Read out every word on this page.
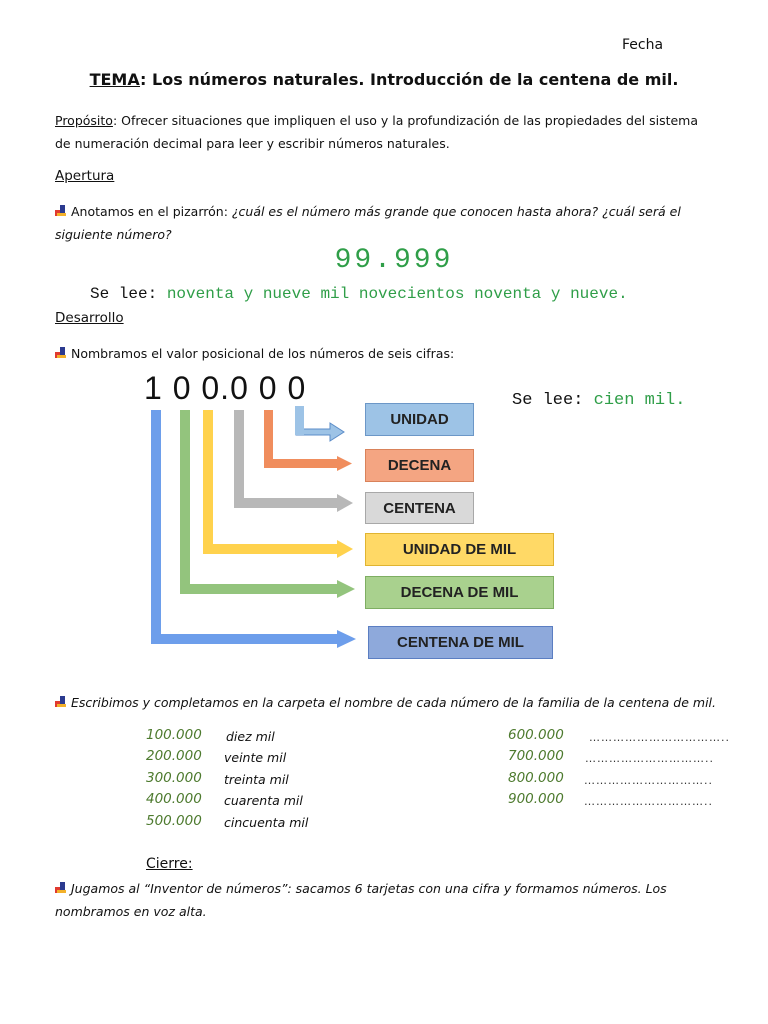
Fecha
TEMA: Los números naturales. Introducción de la centena de mil.
Propósito: Ofrecer situaciones que impliquen el uso y la profundización de las propiedades del sistema
de numeración decimal para leer y escribir números naturales.
Apertura
Anotamos en el pizarrón: ¿cuál es el número más grande que conocen hasta ahora? ¿cuál será el
siguiente número?
99.999
Se lee: noventa y nueve mil novecientos noventa y nueve.
Desarrollo
Nombramos el valor posicional de los números de seis cifras:
1 0 0.0 0 0	Se lee: cien mil.
UNIDAD
DECENA
CENTENA
UNIDAD DE MIL
DECENA DE MIL
CENTENA DE MIL
Escribimos y completamos en la carpeta el nombre de cada número de la familia de la centena de mil.
100.000 diez mil
200.000 veinte mil
300.000 treinta mil
400.000 cuarenta mil
500.000 cincuenta mil
600.000 ……………………………..
700.000 …………………………..
800.000 …………………………..
900.000 …………………………..
Cierre:
Jugamos al “Inventor de números”: sacamos 6 tarjetas con una cifra y formamos números. Los
nombramos en voz alta.
